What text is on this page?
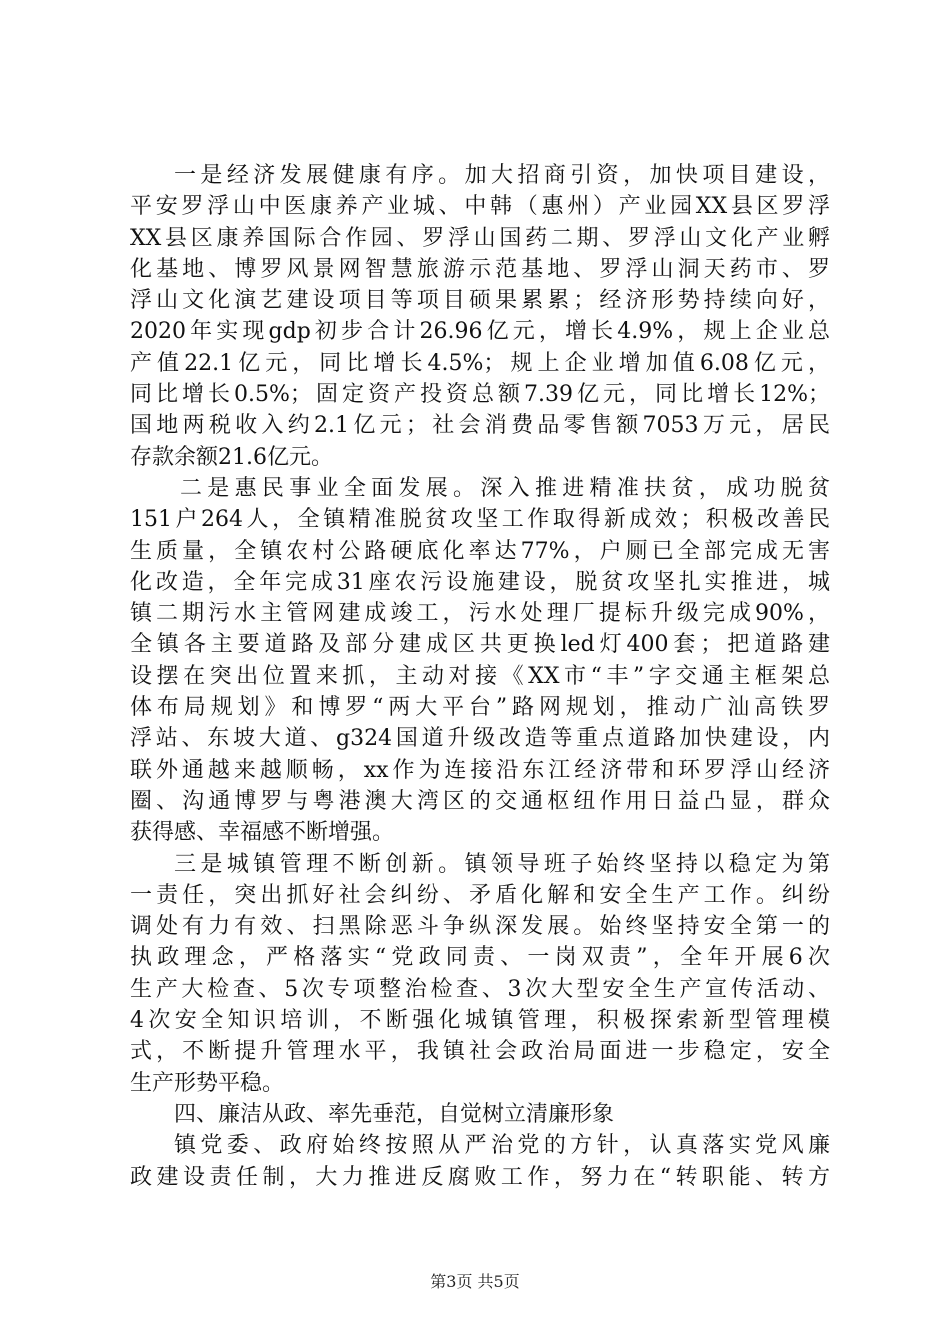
一是经济发展健康有序。加大招商引资，加快项目建设，
平安罗浮山中医康养产业城、中韩（惠州）产业园XX县区罗浮
XX县区康养国际合作园、罗浮山国药二期、罗浮山文化产业孵
化基地、博罗风景网智慧旅游示范基地、罗浮山洞天药市、罗
浮山文化演艺建设项目等项目硕果累累；经济形势持续向好，
2020年实现gdp初步合计26.96亿元，增长4.9%，规上企业总
产值22.1亿元，同比增长4.5%；规上企业增加值6.08亿元，
同比增长0.5%；固定资产投资总额7.39亿元，同比增长12%；
国地两税收入约2.1亿元；社会消费品零售额7053万元，居民
存款余额21.6亿元。
二是惠民事业全面发展。深入推进精准扶贫，成功脱贫
151户264人，全镇精准脱贫攻坚工作取得新成效；积极改善民
生质量，全镇农村公路硬底化率达77%，户厕已全部完成无害
化改造，全年完成31座农污设施建设，脱贫攻坚扎实推进，城
镇二期污水主管网建成竣工，污水处理厂提标升级完成90%，
全镇各主要道路及部分建成区共更换led灯400套；把道路建
设摆在突出位置来抓，主动对接《XX市“丰”字交通主框架总
体布局规划》和博罗“两大平台”路网规划，推动广汕高铁罗
浮站、东坡大道、g324国道升级改造等重点道路加快建设，内
联外通越来越顺畅，xx作为连接沿东江经济带和环罗浮山经济
圈、沟通博罗与粤港澳大湾区的交通枢纽作用日益凸显，群众
获得感、幸福感不断增强。
三是城镇管理不断创新。镇领导班子始终坚持以稳定为第
一责任，突出抓好社会纠纷、矛盾化解和安全生产工作。纠纷
调处有力有效、扫黑除恶斗争纵深发展。始终坚持安全第一的
执政理念，严格落实“党政同责、一岗双责”，全年开展6次
生产大检查、5次专项整治检查、3次大型安全生产宣传活动、
4次安全知识培训，不断强化城镇管理，积极探索新型管理模
式，不断提升管理水平，我镇社会政治局面进一步稳定，安全
生产形势平稳。
四、廉洁从政、率先垂范，自觉树立清廉形象
镇党委、政府始终按照从严治党的方针，认真落实党风廉
政建设责任制，大力推进反腐败工作，努力在“转职能、转方
第3页 共5页
